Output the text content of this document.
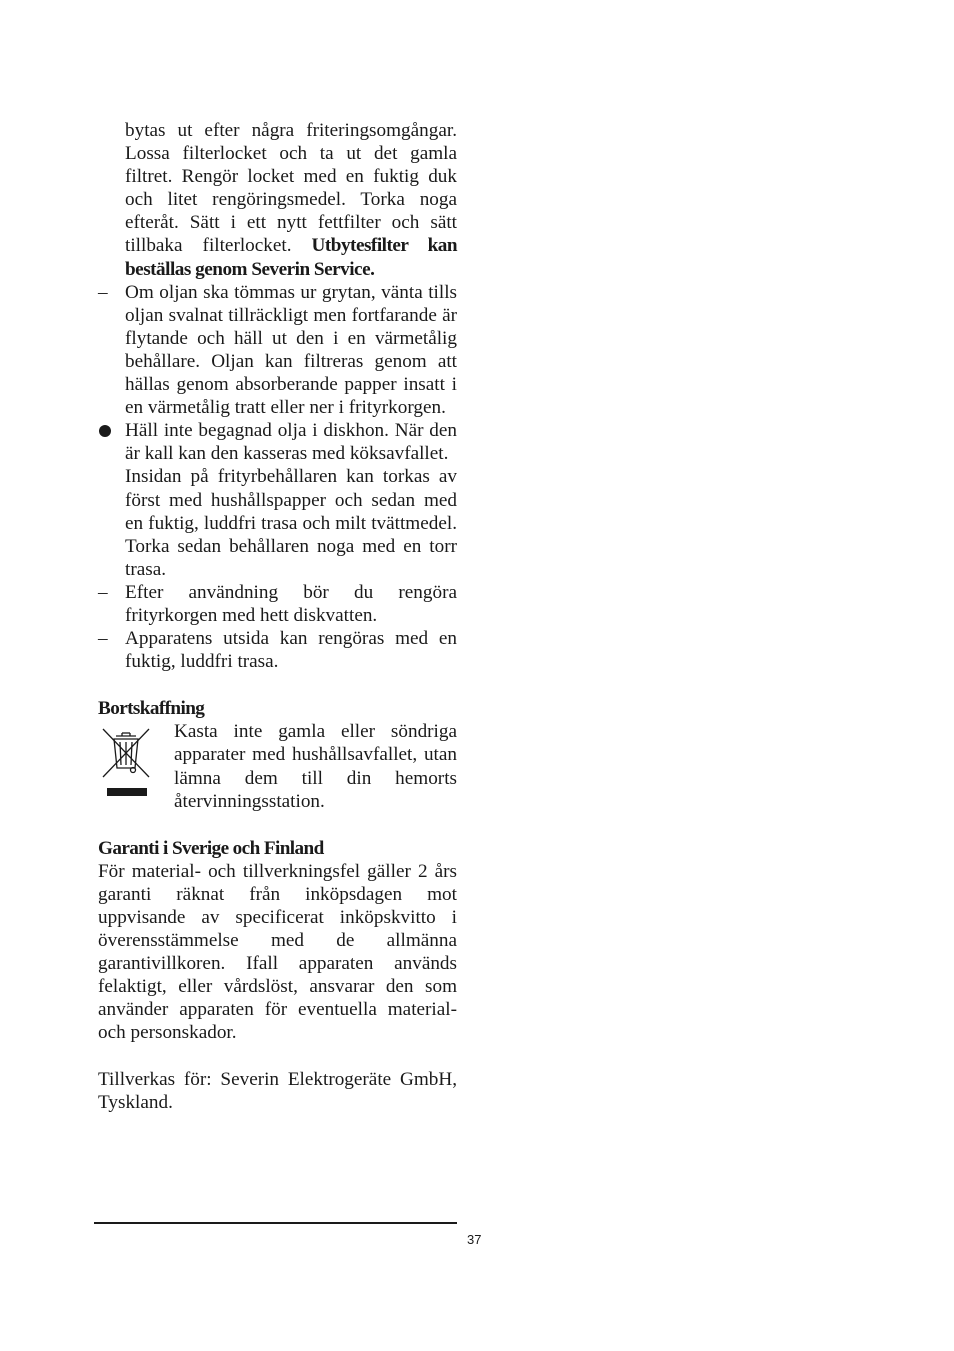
bytas ut efter några friteringsomgångar. Lossa filterlocket och ta ut det gamla filtret. Rengör locket med en fuktig duk och litet rengöringsmedel. Torka noga efteråt. Sätt i ett nytt fettfilter och sätt tillbaka filterlocket. Utbytesfilter kan beställas genom Severin Service.
–
Om oljan ska tömmas ur grytan, vänta tills oljan svalnat tillräckligt men fortfarande är flytande och häll ut den i en värmetålig behållare. Oljan kan filtreras genom att hällas genom absorberande papper insatt i en värmetålig tratt eller ner i frityrkorgen.

Häll inte begagnad olja i diskhon. När den är kall kan den kasseras med köksavfallet.

Insidan på frityrbehållaren kan torkas av först med hushållspapper och sedan med en fuktig, luddfri trasa och milt tvättmedel. Torka sedan behållaren noga med en torr trasa.

–
Efter användning bör du rengöra frityrkorgen med hett diskvatten.
–
Apparatens utsida kan rengöras med en fuktig, luddfri trasa.

Bortskaffning

Kasta inte gamla eller söndriga apparater med hushållsavfallet, utan lämna dem till din hemorts återvinningsstation.

Garanti i Sverige och Finland

För material- och tillverkningsfel gäller 2 års garanti räknat från inköpsdagen mot uppvisande av specificerat inköpskvitto i överensstämmelse med de allmänna garantivillkoren. Ifall apparaten används felaktigt, eller vårdslöst, ansvarar den som använder apparaten för eventuella material- och personskador.

Tillverkas för: Severin Elektrogeräte GmbH, Tyskland.

37
